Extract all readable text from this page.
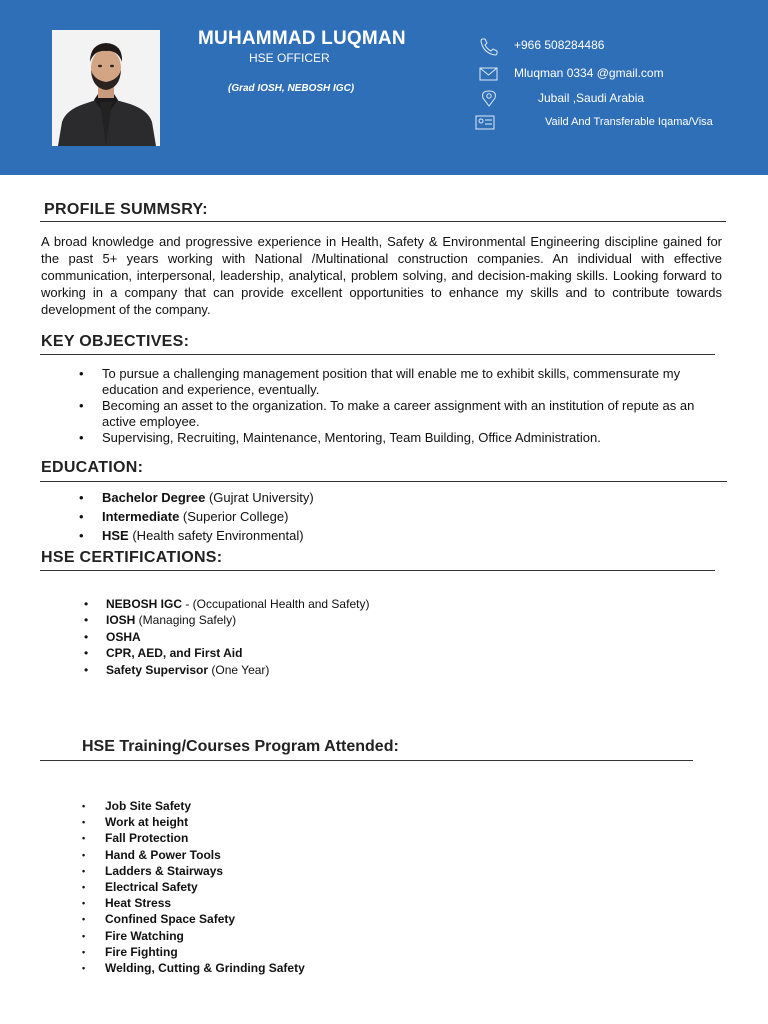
MUHAMMAD LUQMAN
HSE OFFICER
(Grad IOSH, NEBOSH IGC)
+966 508284486
Mluqman 0334 @gmail.com
Jubail ,Saudi Arabia
Vaild And Transferable Iqama/Visa
PROFILE SUMMSRY:
A broad knowledge and progressive experience in Health, Safety & Environmental Engineering discipline gained for the past 5+ years working with National /Multinational construction companies. An individual with effective communication, interpersonal, leadership, analytical, problem solving, and decision-making skills. Looking forward to working in a company that can provide excellent opportunities to enhance my skills and to contribute towards development of the company.
KEY OBJECTIVES:
• To pursue a challenging management position that will enable me to exhibit skills, commensurate my education and experience, eventually.
• Becoming an asset to the organization. To make a career assignment with an institution of repute as an active employee.
• Supervising, Recruiting, Maintenance, Mentoring, Team Building, Office Administration.
EDUCATION:
• Bachelor Degree (Gujrat University)
• Intermediate (Superior College)
• HSE (Health safety Environmental)
HSE CERTIFICATIONS:
• NEBOSH IGC - (Occupational Health and Safety)
• IOSH (Managing Safely)
• OSHA
• CPR, AED, and First Aid
• Safety Supervisor (One Year)
HSE Training/Courses Program Attended:
• Job Site Safety
• Work at height
• Fall Protection
• Hand & Power Tools
• Ladders & Stairways
• Electrical Safety
• Heat Stress
• Confined Space Safety
• Fire Watching
• Fire Fighting
• Welding, Cutting & Grinding Safety
